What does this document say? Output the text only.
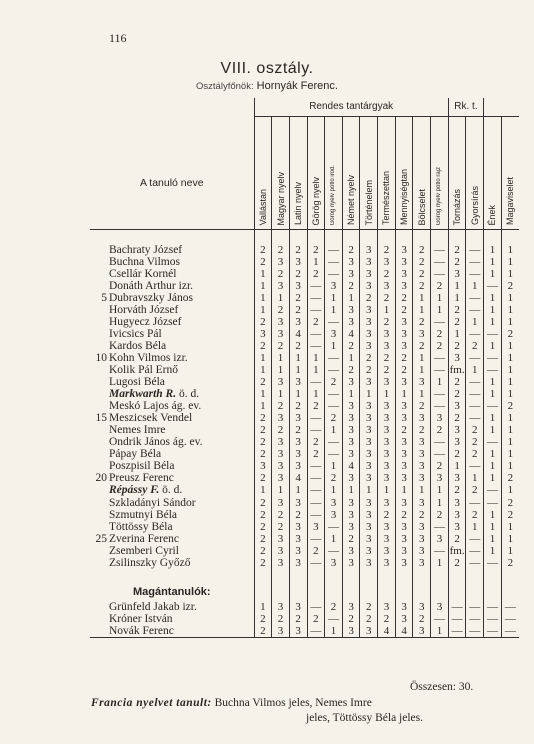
116
VIII. osztály.
Osztályfőnök: Hornyák Ferenc.
	Rendes tantárgyak											Rk. t.			
A tanuló neve	Vallástan	Magyar nyelv	Latin nyelv	Görög nyelv	Görög nyelv pótló irod.	Német nyelv	Történelem	Természettan	Mennyiségtan	Bölcselet	Görög nyelv pótló rajz	Tornázás	Gyorsírás	Ének	Magaviselet

Bachraty József	2	2	2	2	—	2	3	2	3	2	—	2	—	1	1
Buchna Vilmos	2	3	3	1	—	3	3	3	3	2	—	2	—	1	1
Csellár Kornél	1	2	2	2	—	3	3	2	3	2	—	3	—	1	1
Donáth Arthur izr.	1	3	3	—	3	2	3	3	3	2	2	1	1	—	2
5 Dubravszky János	1	1	2	—	1	1	2	2	2	1	1	1	—	1	1
Horváth József	1	2	2	—	1	3	3	1	2	1	1	2	—	1	1
Hugyecz József	2	3	3	2	—	3	3	2	3	2	—	2	1	1	1
Ivicsics Pál	3	3	4	—	3	4	3	3	3	3	2	1	—	—	2
Kardos Béla	2	2	2	—	1	2	3	3	3	2	2	2	2	1	1
10 Kohn Vilmos izr.	1	1	1	1	—	1	2	2	2	1	—	3	—	—	1
Kolik Pál Ernő	1	1	1	1	—	2	2	2	2	1	—	fm.	1	—	1
Lugosi Béla	2	3	3	—	2	3	3	3	3	3	1	2	—	1	1
Markwarth R. ö. d.	1	1	1	1	—	1	1	1	1	1	—	2	—	1	1
Meskó Lajos ág. ev.	1	2	2	2	—	3	3	3	3	2	—	3	—	—	2
15 Meszicsek Vendel	2	3	3	—	2	3	3	3	3	3	3	2	—	1	1
Nemes Imre	2	2	2	—	1	3	3	3	2	2	2	3	2	1	1
Ondrik János ág. ev.	2	3	3	2	—	3	3	3	3	3	—	3	2	—	1
Pápay Béla	2	3	3	2	—	3	3	3	3	3	—	2	2	1	1
Poszpisil Béla	3	3	3	—	1	4	3	3	3	3	2	1	—	1	1
20 Preusz Ferenc	2	3	4	—	2	3	3	3	3	3	3	3	1	1	2
Répássy F. ö. d.	1	1	1	—	1	1	1	1	1	1	1	2	2	—	1
Szkladányi Sándor	2	3	3	—	3	3	3	3	3	3	1	3	—	—	2
Szmutnyi Béla	2	2	2	—	3	3	3	2	2	2	2	3	2	1	2
Töttössy Béla	2	2	3	3	—	3	3	3	3	3	—	3	1	1	1
25 Zverina Ferenc	2	3	3	—	1	2	3	3	3	3	3	2	—	1	1
Zsemberi Cyril	2	3	3	2	—	3	3	3	3	3	—	fm.	—	1	1
Zsilinszky Győző	2	3	3	—	3	3	3	3	3	3	1	2	—	—	2

Magántanulók:															
Grünfeld Jakab izr.	1	3	3	—	2	3	2	3	3	3	3	—	—	—	—
Króner István	2	2	2	2	—	2	2	2	3	2	—	—	—	—	—
Novák Ferenc	2	3	3	—	1	3	3	4	4	3	1	—	—	—	—
Összesen: 30.
Francia nyelvet tanult: Buchna Vilmos jeles, Nemes Imre
jeles, Töttössy Béla jeles.
